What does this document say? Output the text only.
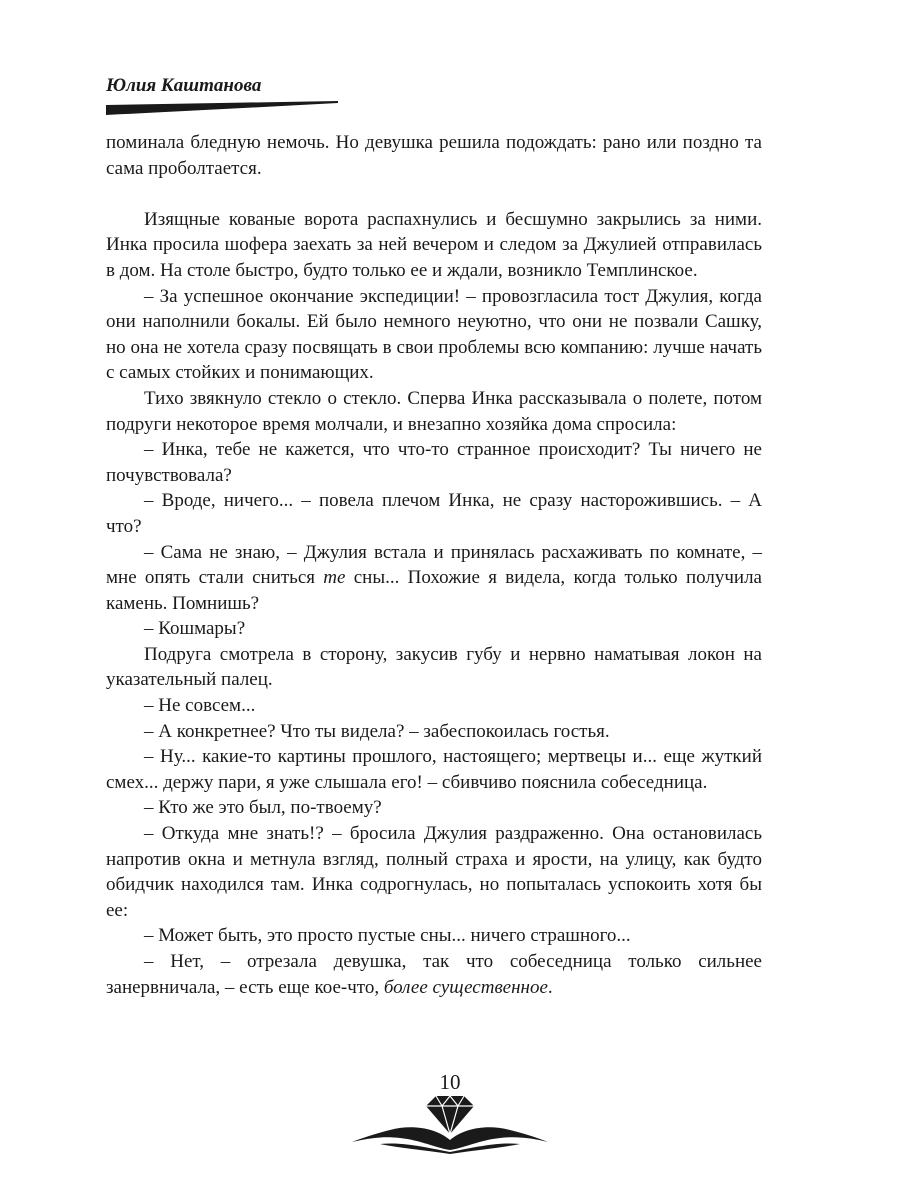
Юлия Каштанова

поминала бледную немочь. Но девушка решила подождать: рано или поздно та сама проболтается.

Изящные кованые ворота распахнулись и бесшумно закрылись за ними. Инка просила шофера заехать за ней вечером и следом за Джулией отправилась в дом. На столе быстро, будто только ее и ждали, возникло Темплинское.

– За успешное окончание экспедиции! – провозгласила тост Джулия, когда они наполнили бокалы. Ей было немного неуютно, что они не позвали Сашку, но она не хотела сразу посвящать в свои проблемы всю компанию: лучше начать с самых стойких и понимающих.

Тихо звякнуло стекло о стекло. Сперва Инка рассказывала о полете, потом подруги некоторое время молчали, и внезапно хозяйка дома спросила:

– Инка, тебе не кажется, что что-то странное происходит? Ты ничего не почувствовала?

– Вроде, ничего... – повела плечом Инка, не сразу насторожившись. – А что?

– Сама не знаю, – Джулия встала и принялась расхаживать по комнате, – мне опять стали сниться те сны... Похожие я видела, когда только получила камень. Помнишь?

– Кошмары?

Подруга смотрела в сторону, закусив губу и нервно наматывая локон на указательный палец.

– Не совсем...

– А конкретнее? Что ты видела? – забеспокоилась гостья.

– Ну... какие-то картины прошлого, настоящего; мертвецы и... еще жуткий смех... держу пари, я уже слышала его! – сбивчиво пояснила собеседница.

– Кто же это был, по-твоему?

– Откуда мне знать!? – бросила Джулия раздраженно. Она остановилась напротив окна и метнула взгляд, полный страха и ярости, на улицу, как будто обидчик находился там. Инка содрогнулась, но попыталась успокоить хотя бы ее:

– Может быть, это просто пустые сны... ничего страшного...

– Нет, – отрезала девушка, так что собеседница только сильнее занервничала, – есть еще кое-что, более существенное.

10
